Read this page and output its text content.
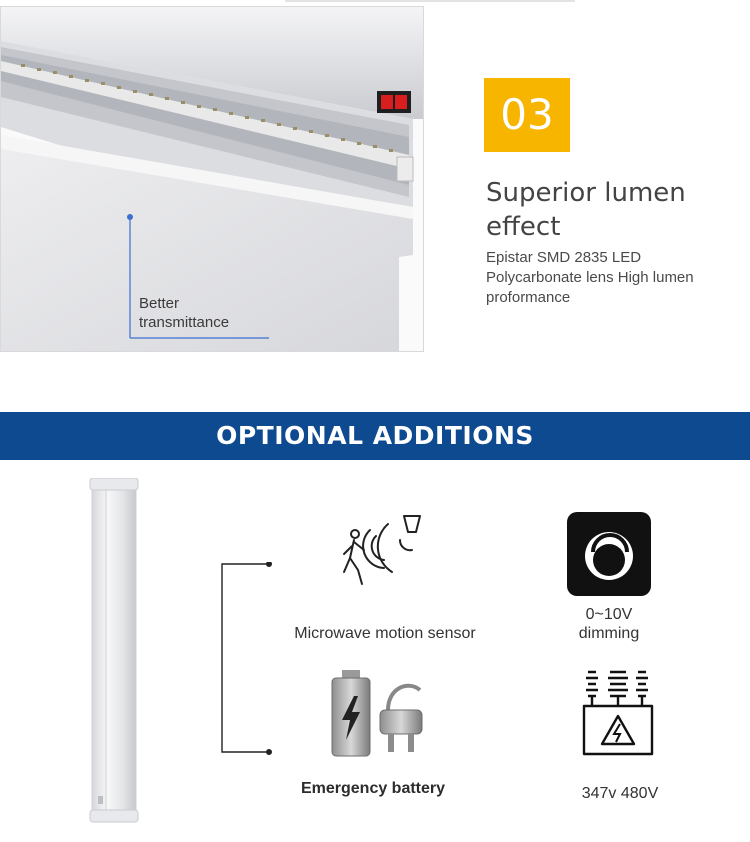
Better
transmittance
03
Superior lumen
effect
Epistar SMD 2835 LED
Polycarbonate lens High lumen
proformance
OPTIONAL ADDITIONS
Microwave motion sensor
0~10V
dimming
Emergency battery	347v 480V
